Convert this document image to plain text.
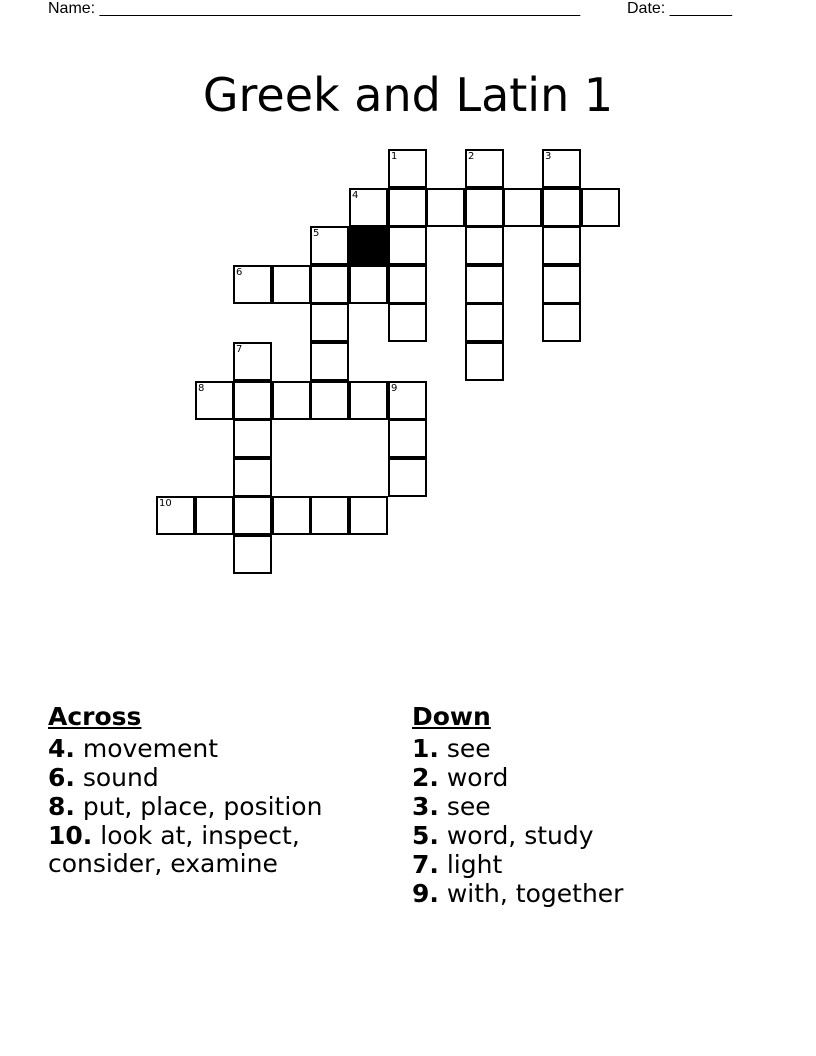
Name: ______________________________________________________	Date: _______
Greek and Latin 1
1	2	3
4
5
6
7
8	9
10
Across
4. movement
6. sound
8. put, place, position
10. look at, inspect, consider, examine
Down
1. see
2. word
3. see
5. word, study
7. light
9. with, together
